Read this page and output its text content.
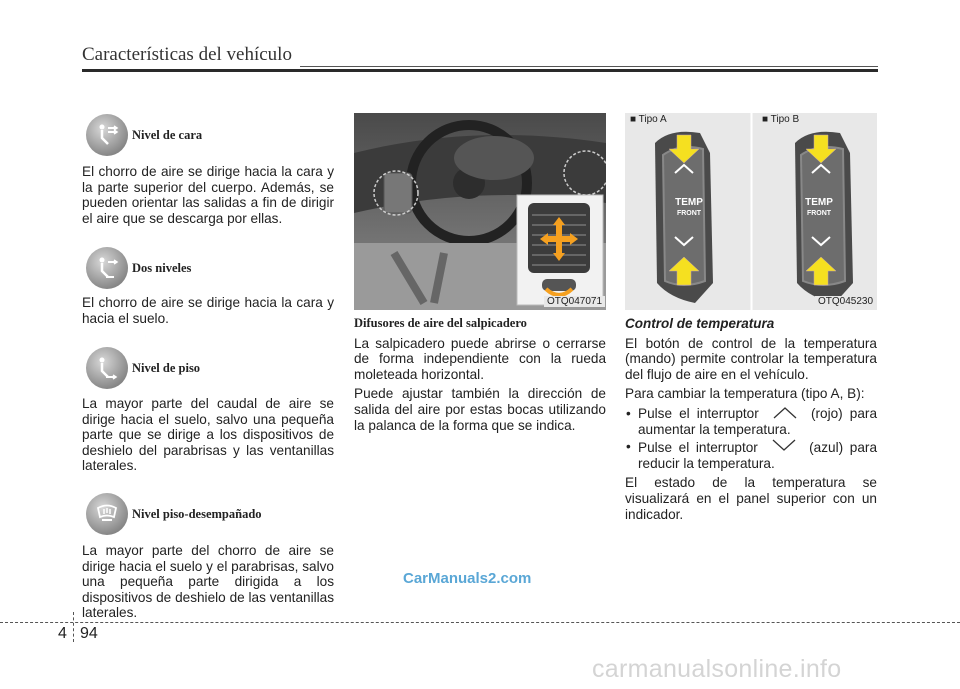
Características del vehículo
Nivel de cara

El chorro de aire se dirige hacia la cara y la parte superior del cuerpo. Además, se pueden orientar las salidas a fin de dirigir el aire que se descarga por ellas.

Dos niveles

El chorro de aire se dirige hacia la cara y hacia el suelo.

Nivel de piso

La mayor parte del caudal de aire se dirige hacia el suelo, salvo una pequeña parte que se dirige a los dispositivos de deshielo del parabrisas y las ventanillas laterales.

Nivel piso-desempañado

La mayor parte del chorro de aire se dirige hacia el suelo y el parabrisas, salvo una pequeña parte dirigida a los dispositivos de deshielo de las ventanillas laterales.

OTQ047071

Difusores de aire del salpicadero

La salpicadero puede abrirse o cerrarse de forma independiente con la rueda moleteada horizontal.

Puede ajustar también la dirección de salida del aire por estas bocas utilizando la palanca de la forma que se indica.

■ Tipo A	■ Tipo B
TEMP
FRONT
TEMP
FRONT
OTQ045230

Control de temperatura

El botón de control de la temperatura (mando) permite controlar la temperatura del flujo de aire en el vehículo.

Para cambiar la temperatura (tipo A, B):

• Pulse el interruptor	(rojo) para aumentar la temperatura.
• Pulse el interruptor	(azul) para reducir la temperatura.

El estado de la temperatura se visualizará en el panel superior con un indicador.

CarManuals2.com
4 94
carmanualsonline.info
